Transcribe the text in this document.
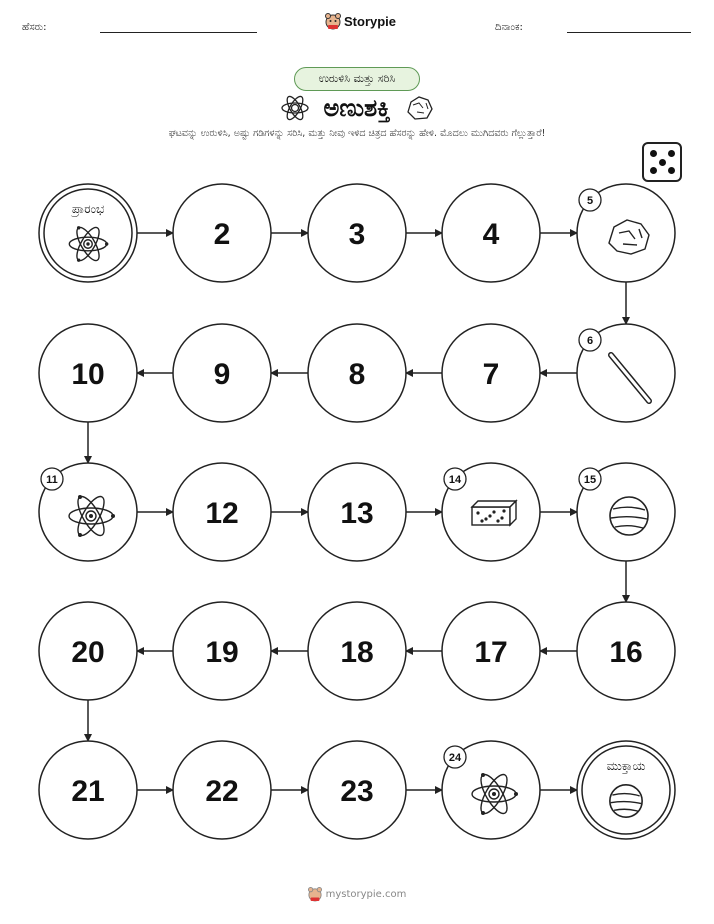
ಹೆಸರು:	Storypie	ದಿನಾಂಕ:
ಉರುಳಿಸಿ ಮತ್ತು ಸರಿಸಿ
ಅಣುಶಕ್ತಿ
ಘಟವನ್ನು ಉರುಳಿಸಿ, ಅಷ್ಟು ಗಡಿಗಳನ್ನು ಸರಿಸಿ, ಮತ್ತು ನೀವು ಇಳಿದ ಚಿತ್ರದ ಹೆಸರನ್ನು ಹೇಳಿ. ಮೊದಲು ಮುಗಿದವರು ಗೆಲ್ಲುತ್ತಾರೆ!
ಪ್ರಾರಂಭ
2	3	4
5
6
7
8
9
10
11
12	13
14	15
16
17
18
19
20
21	22	23
24
ಮುಕ್ತಾಯ
mystorypie.com
